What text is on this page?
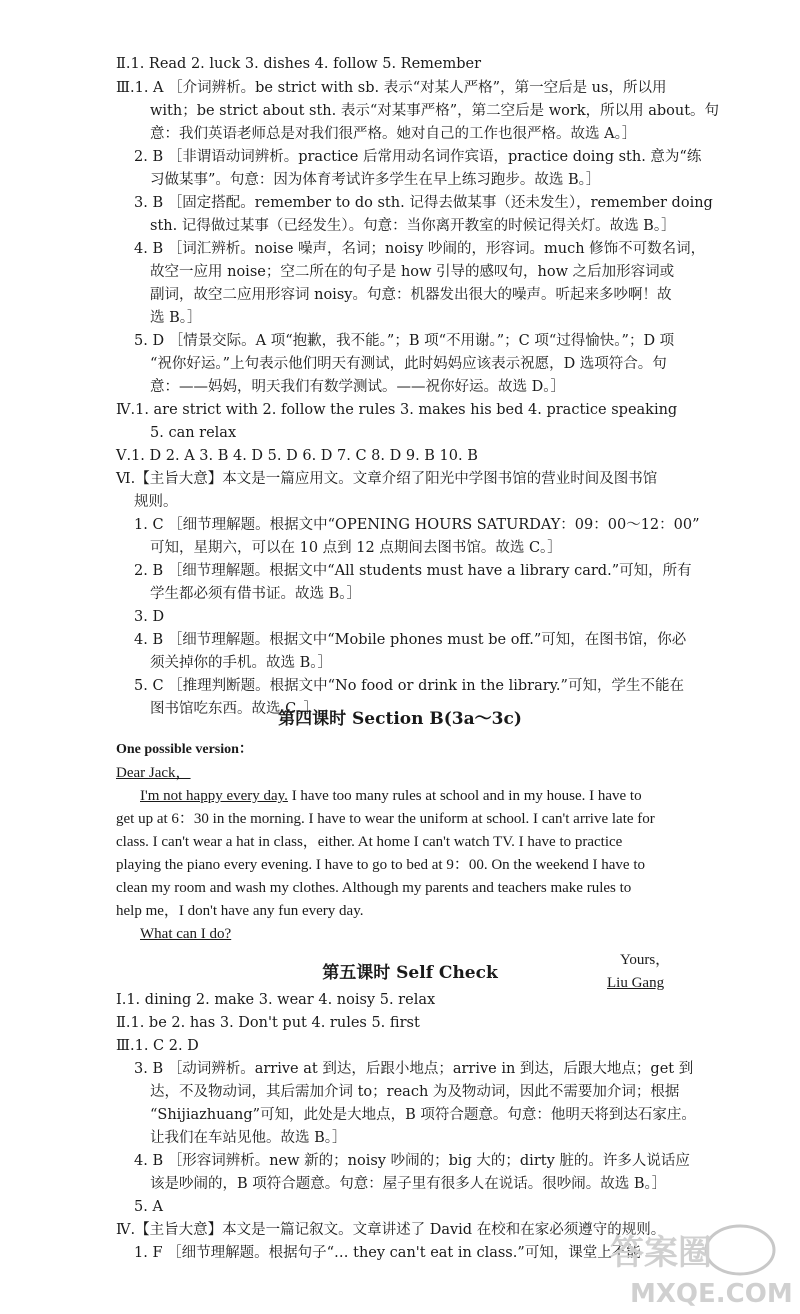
Ⅱ.1. Read 2. luck 3. dishes 4. follow 5. Remember
Ⅲ.1. A ［介词辨析。be strict with sb. 表示“对某人严格”，第一空后是 us，所以用
with；be strict about sth. 表示“对某事严格”，第二空后是 work，所以用 about。句
意：我们英语老师总是对我们很严格。她对自己的工作也很严格。故选 A。］
2. B ［非谓语动词辨析。practice 后常用动名词作宾语，practice doing sth. 意为“练
习做某事”。句意：因为体育考试许多学生在早上练习跑步。故选 B。］
3. B ［固定搭配。remember to do sth. 记得去做某事（还未发生），remember doing
sth. 记得做过某事（已经发生）。句意：当你离开教室的时候记得关灯。故选 B。］
4. B ［词汇辨析。noise 噪声，名词；noisy 吵闹的，形容词。much 修饰不可数名词，
故空一应用 noise；空二所在的句子是 how 引导的感叹句，how 之后加形容词或
副词，故空二应用形容词 noisy。句意：机器发出很大的噪声。听起来多吵啊！故
选 B。］
5. D ［情景交际。A 项“抱歉，我不能。”；B 项“不用谢。”；C 项“过得愉快。”；D 项
“祝你好运。”上句表示他们明天有测试，此时妈妈应该表示祝愿，D 选项符合。句
意：——妈妈，明天我们有数学测试。——祝你好运。故选 D。］
Ⅳ.1. are strict with 2. follow the rules 3. makes his bed 4. practice speaking
5. can relax
Ⅴ.1. D 2. A 3. B 4. D 5. D 6. D 7. C 8. D 9. B 10. B
Ⅵ.【主旨大意】本文是一篇应用文。文章介绍了阳光中学图书馆的营业时间及图书馆
规则。
1. C ［细节理解题。根据文中“OPENING HOURS SATURDAY：09：00～12：00”
可知，星期六，可以在 10 点到 12 点期间去图书馆。故选 C。］
2. B ［细节理解题。根据文中“All students must have a library card.”可知，所有
学生都必须有借书证。故选 B。］
3. D
4. B ［细节理解题。根据文中“Mobile phones must be off.”可知，在图书馆，你必
须关掉你的手机。故选 B。］
5. C ［推理判断题。根据文中“No food or drink in the library.”可知，学生不能在
图书馆吃东西。故选 C。］
第四课时 Section B(3a～3c)
One possible version：
Dear Jack，
I'm not happy every day. I have too many rules at school and in my house. I have to
get up at 6：30 in the morning. I have to wear the uniform at school. I can't arrive late for
class. I can't wear a hat in class，either. At home I can't watch TV. I have to practice
playing the piano every evening. I have to go to bed at 9：00. On the weekend I have to
clean my room and wash my clothes. Although my parents and teachers make rules to
help me，I don't have any fun every day.
What can I do?
Yours，
Liu Gang
第五课时 Self Check
Ⅰ.1. dining 2. make 3. wear 4. noisy 5. relax
Ⅱ.1. be 2. has 3. Don't put 4. rules 5. first
Ⅲ.1. C 2. D
3. B ［动词辨析。arrive at 到达，后跟小地点；arrive in 到达，后跟大地点；get 到
达，不及物动词，其后需加介词 to；reach 为及物动词，因此不需要加介词；根据
“Shijiazhuang”可知，此处是大地点，B 项符合题意。句意：他明天将到达石家庄。
让我们在车站见他。故选 B。］
4. B ［形容词辨析。new 新的；noisy 吵闹的；big 大的；dirty 脏的。许多人说话应
该是吵闹的，B 项符合题意。句意：屋子里有很多人在说话。很吵闹。故选 B。］
5. A
Ⅳ.【主旨大意】本文是一篇记叙文。文章讲述了 David 在校和在家必须遵守的规则。
1. F ［细节理解题。根据句子“… they can't eat in class.”可知，课堂上不能
答案圈
MXQE.COM
